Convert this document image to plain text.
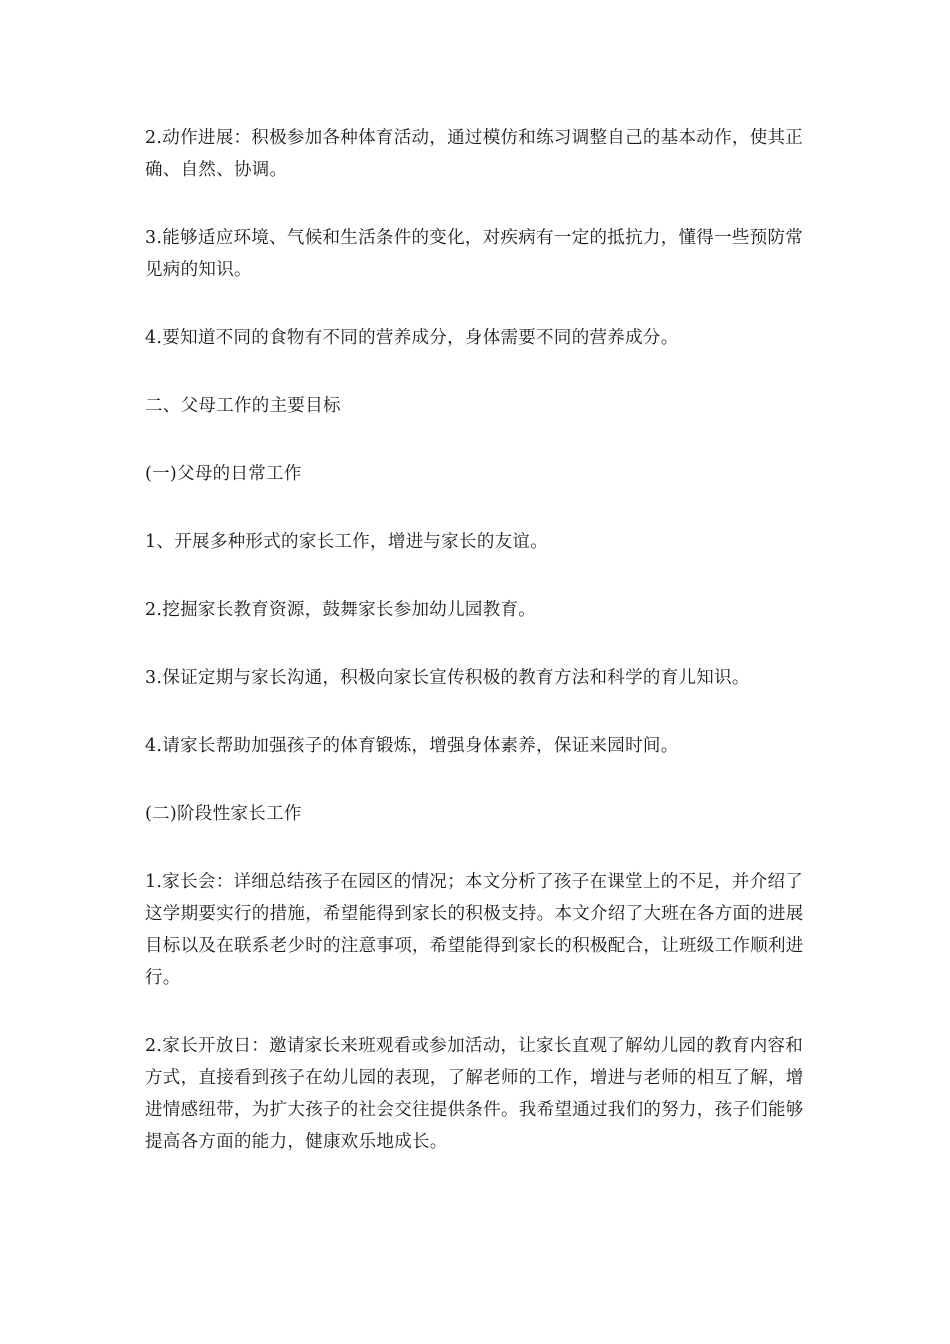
2.动作进展：积极参加各种体育活动，通过模仿和练习调整自己的基本动作，使其正确、自然、协调。

3.能够适应环境、气候和生活条件的变化，对疾病有一定的抵抗力，懂得一些预防常见病的知识。

4.要知道不同的食物有不同的营养成分，身体需要不同的营养成分。

二、父母工作的主要目标

(一)父母的日常工作

1、开展多种形式的家长工作，增进与家长的友谊。

2.挖掘家长教育资源，鼓舞家长参加幼儿园教育。

3.保证定期与家长沟通，积极向家长宣传积极的教育方法和科学的育儿知识。

4.请家长帮助加强孩子的体育锻炼，增强身体素养，保证来园时间。

(二)阶段性家长工作

1.家长会：详细总结孩子在园区的情况；本文分析了孩子在课堂上的不足，并介绍了这学期要实行的措施，希望能得到家长的积极支持。本文介绍了大班在各方面的进展目标以及在联系老少时的注意事项，希望能得到家长的积极配合，让班级工作顺利进行。

2.家长开放日：邀请家长来班观看或参加活动，让家长直观了解幼儿园的教育内容和方式，直接看到孩子在幼儿园的表现，了解老师的工作，增进与老师的相互了解，增进情感纽带，为扩大孩子的社会交往提供条件。我希望通过我们的努力，孩子们能够提高各方面的能力，健康欢乐地成长。
